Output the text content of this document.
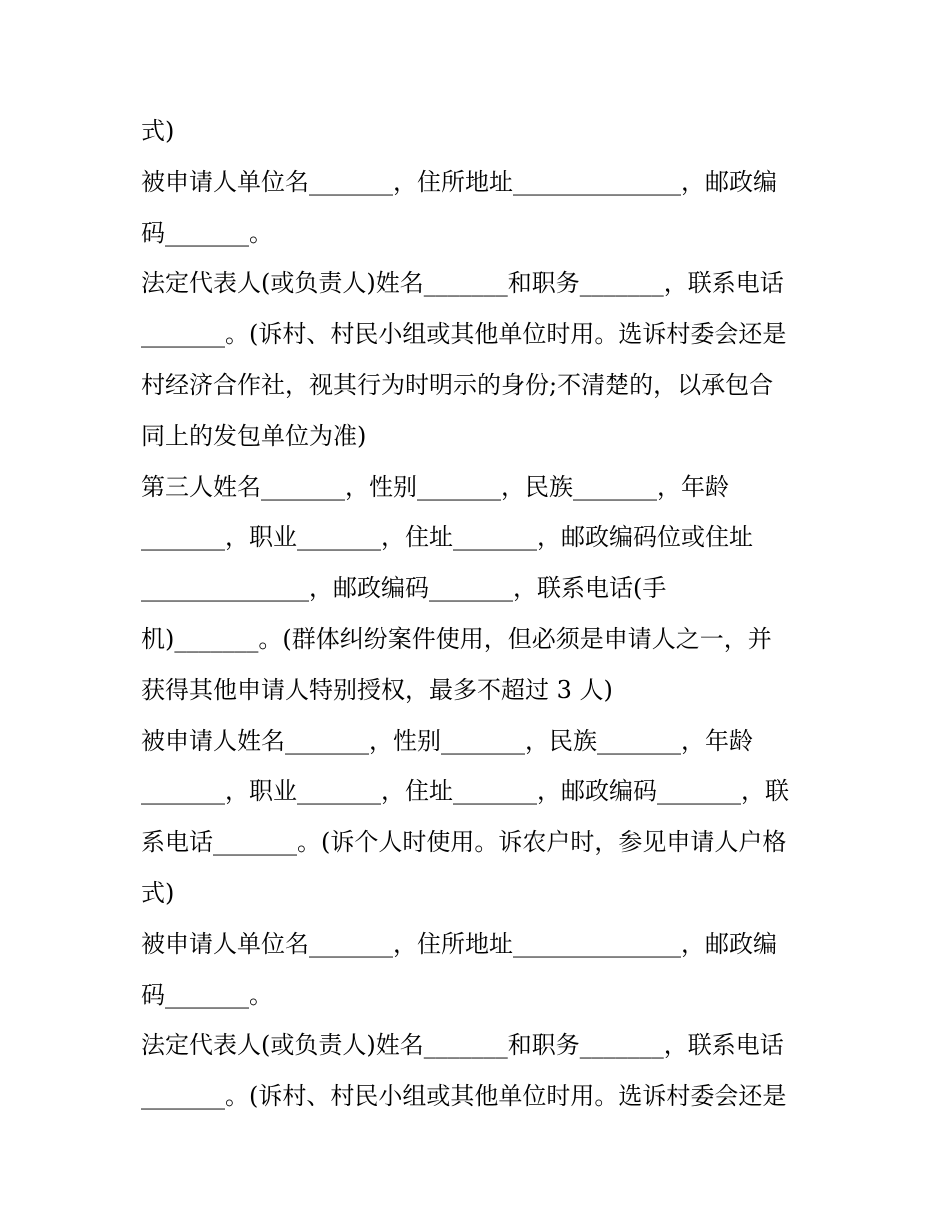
式)
被申请人单位名_______，住所地址______________，邮政编
码_______。
法定代表人(或负责人)姓名_______和职务_______，联系电话
_______。(诉村、村民小组或其他单位时用。选诉村委会还是
村经济合作社，视其行为时明示的身份;不清楚的，以承包合
同上的发包单位为准)
第三人姓名_______，性别_______，民族_______，年龄
_______，职业_______，住址_______，邮政编码位或住址
______________，邮政编码_______，联系电话(手
机)_______。(群体纠纷案件使用，但必须是申请人之一，并
获得其他申请人特别授权，最多不超过 3 人)
被申请人姓名_______，性别_______，民族_______，年龄
_______，职业_______，住址_______，邮政编码_______，联
系电话_______。(诉个人时使用。诉农户时，参见申请人户格
式)
被申请人单位名_______，住所地址______________，邮政编
码_______。
法定代表人(或负责人)姓名_______和职务_______，联系电话
_______。(诉村、村民小组或其他单位时用。选诉村委会还是
